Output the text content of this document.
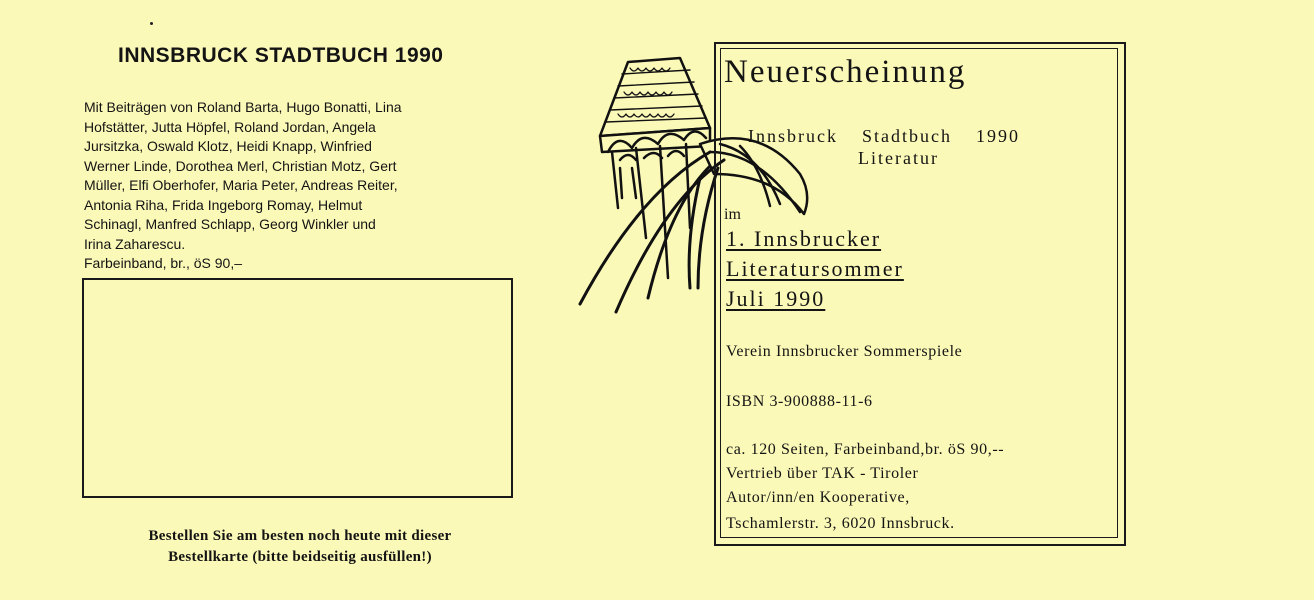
INNSBRUCK STADTBUCH 1990
Mit Beiträgen von Roland Barta, Hugo Bonatti, Lina
Hofstätter, Jutta Höpfel, Roland Jordan, Angela
Jursitzka, Oswald Klotz, Heidi Knapp, Winfried
Werner Linde, Dorothea Merl, Christian Motz, Gert
Müller, Elfi Oberhofer, Maria Peter, Andreas Reiter,
Antonia Riha, Frida Ingeborg Romay, Helmut
Schinagl, Manfred Schlapp, Georg Winkler und
Irina Zaharescu.
Farbeinband, br., öS 90,–
Bestellen Sie am besten noch heute mit dieser
Bestellkarte (bitte beidseitig ausfüllen!)
Neuerscheinung
Innsbruck Stadtbuch 1990
Literatur
im
1. Innsbrucker
Literatursommer
Juli 1990
Verein Innsbrucker Sommerspiele
ISBN 3-900888-11-6
ca. 120 Seiten, Farbeinband,br. öS 90,--
Vertrieb über TAK - Tiroler
Autor/inn/en Kooperative,
Tschamlerstr. 3, 6020 Innsbruck.
